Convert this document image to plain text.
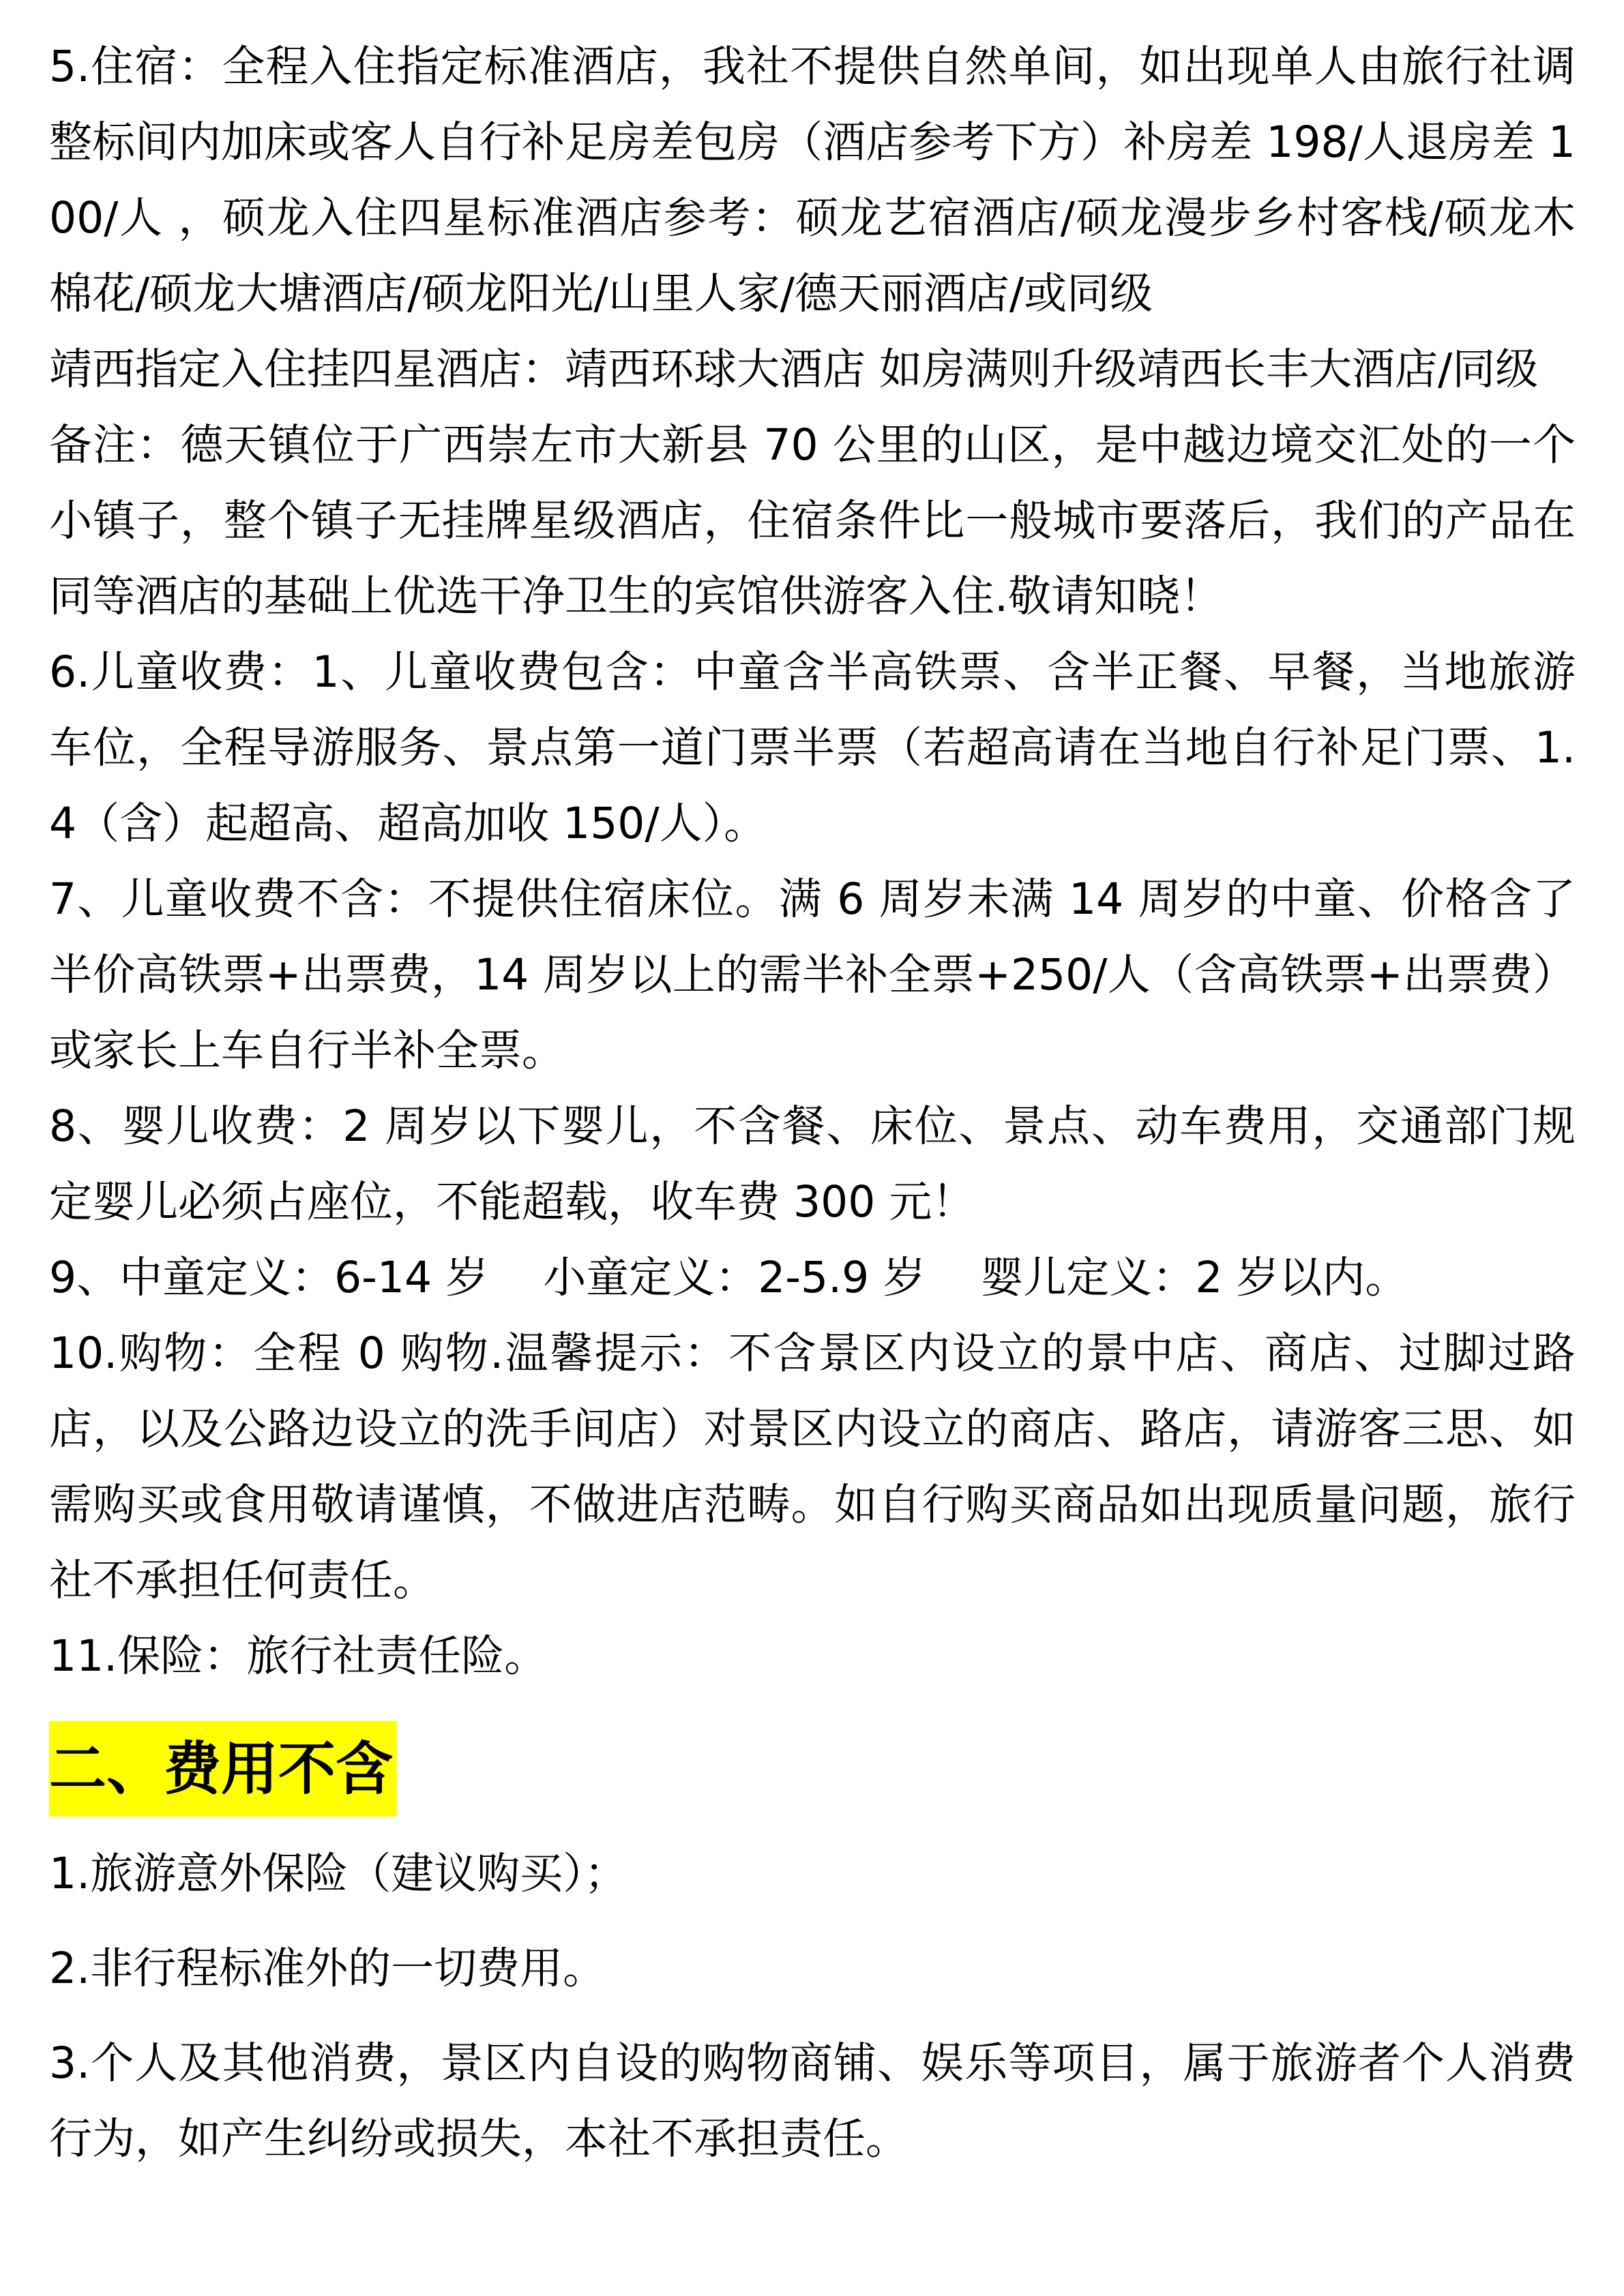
5.住宿：全程入住指定标准酒店，我社不提供自然单间，如出现单人由旅行社调整标间内加床或客人自行补足房差包房（酒店参考下方）补房差 198/人退房差 100/人 ，硕龙入住四星标准酒店参考：硕龙艺宿酒店/硕龙漫步乡村客栈/硕龙木棉花/硕龙大塘酒店/硕龙阳光/山里人家/德天丽酒店/或同级

靖西指定入住挂四星酒店：靖西环球大酒店 如房满则升级靖西长丰大酒店/同级

备注：德天镇位于广西崇左市大新县 70 公里的山区，是中越边境交汇处的一个小镇子，整个镇子无挂牌星级酒店，住宿条件比一般城市要落后，我们的产品在同等酒店的基础上优选干净卫生的宾馆供游客入住.敬请知晓！

6.儿童收费：1、儿童收费包含：中童含半高铁票、含半正餐、早餐，当地旅游车位，全程导游服务、景点第一道门票半票（若超高请在当地自行补足门票、1.4（含）起超高、超高加收 150/人）。

7、儿童收费不含：不提供住宿床位。满 6 周岁未满 14 周岁的中童、价格含了半价高铁票+出票费，14 周岁以上的需半补全票+250/人（含高铁票+出票费）或家长上车自行半补全票。

8、婴儿收费：2 周岁以下婴儿，不含餐、床位、景点、动车费用，交通部门规定婴儿必须占座位，不能超载，收车费 300 元！

9、中童定义：6-14 岁    小童定义：2-5.9 岁    婴儿定义：2 岁以内。

10.购物：全程 0 购物.温馨提示：不含景区内设立的景中店、商店、过脚过路店，以及公路边设立的洗手间店）对景区内设立的商店、路店，请游客三思、如需购买或食用敬请谨慎，不做进店范畴。如自行购买商品如出现质量问题，旅行社不承担任何责任。

11.保险：旅行社责任险。

二、费用不含

1.旅游意外保险（建议购买）；

2.非行程标准外的一切费用。

3.个人及其他消费，景区内自设的购物商铺、娱乐等项目，属于旅游者个人消费行为，如产生纠纷或损失，本社不承担责任。
